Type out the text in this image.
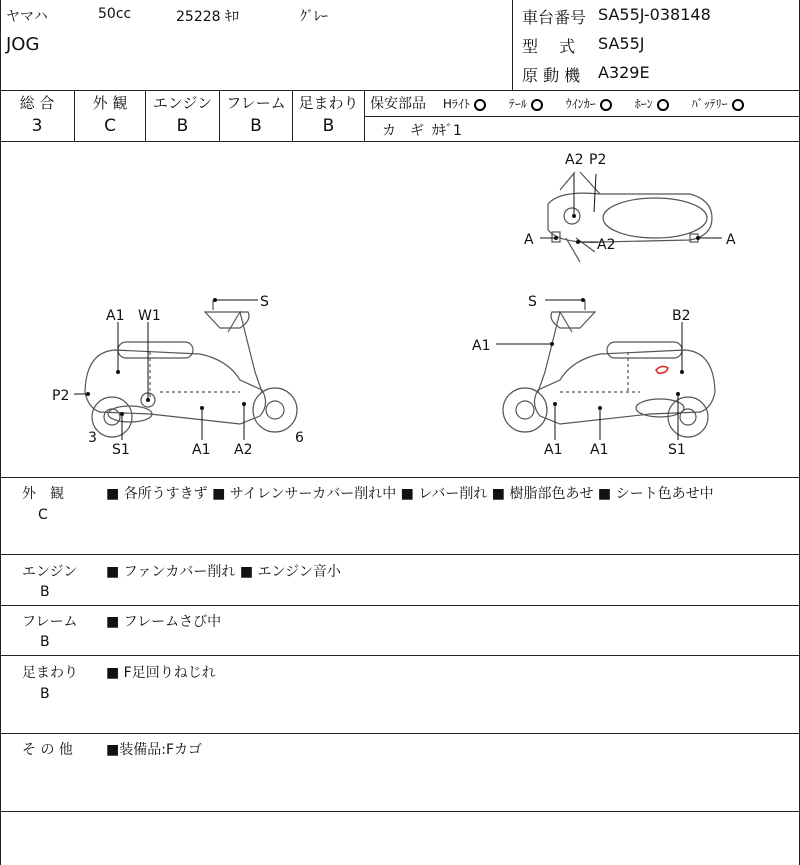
ヤマハ	50cc	25228 ｷﾛ	ｸﾞﾚｰ
JOG
車台番号 SA55J-038148
型　 式 SA55J
原 動 機 A329E
総 合	外 観	エンジン フレーム 足まわり
3	C	B	B	B
保安部品 Hﾗｲﾄ	ﾃｰﾙ	ｳｲﾝｶｰ	ﾎｰﾝ	ﾊﾞｯﾃﾘｰ
カ　ギ ｶｷﾞ1
A2 P2
A	A2	A
A1 W1
S
P2
3
S1	A1 A2
6
S
A1
B2
A1 A1	S1
外　観
C
■ 各所うすきず ■ サイレンサーカバー削れ中 ■ レバー削れ ■ 樹脂部色あせ ■ シート色あせ中
エンジン
B
■ ファンカバー削れ ■ エンジン音小
フレーム
B
■ フレームさび中
足まわり
B
■ F足回りねじれ
そ の 他 ■装備品:Fカゴ
